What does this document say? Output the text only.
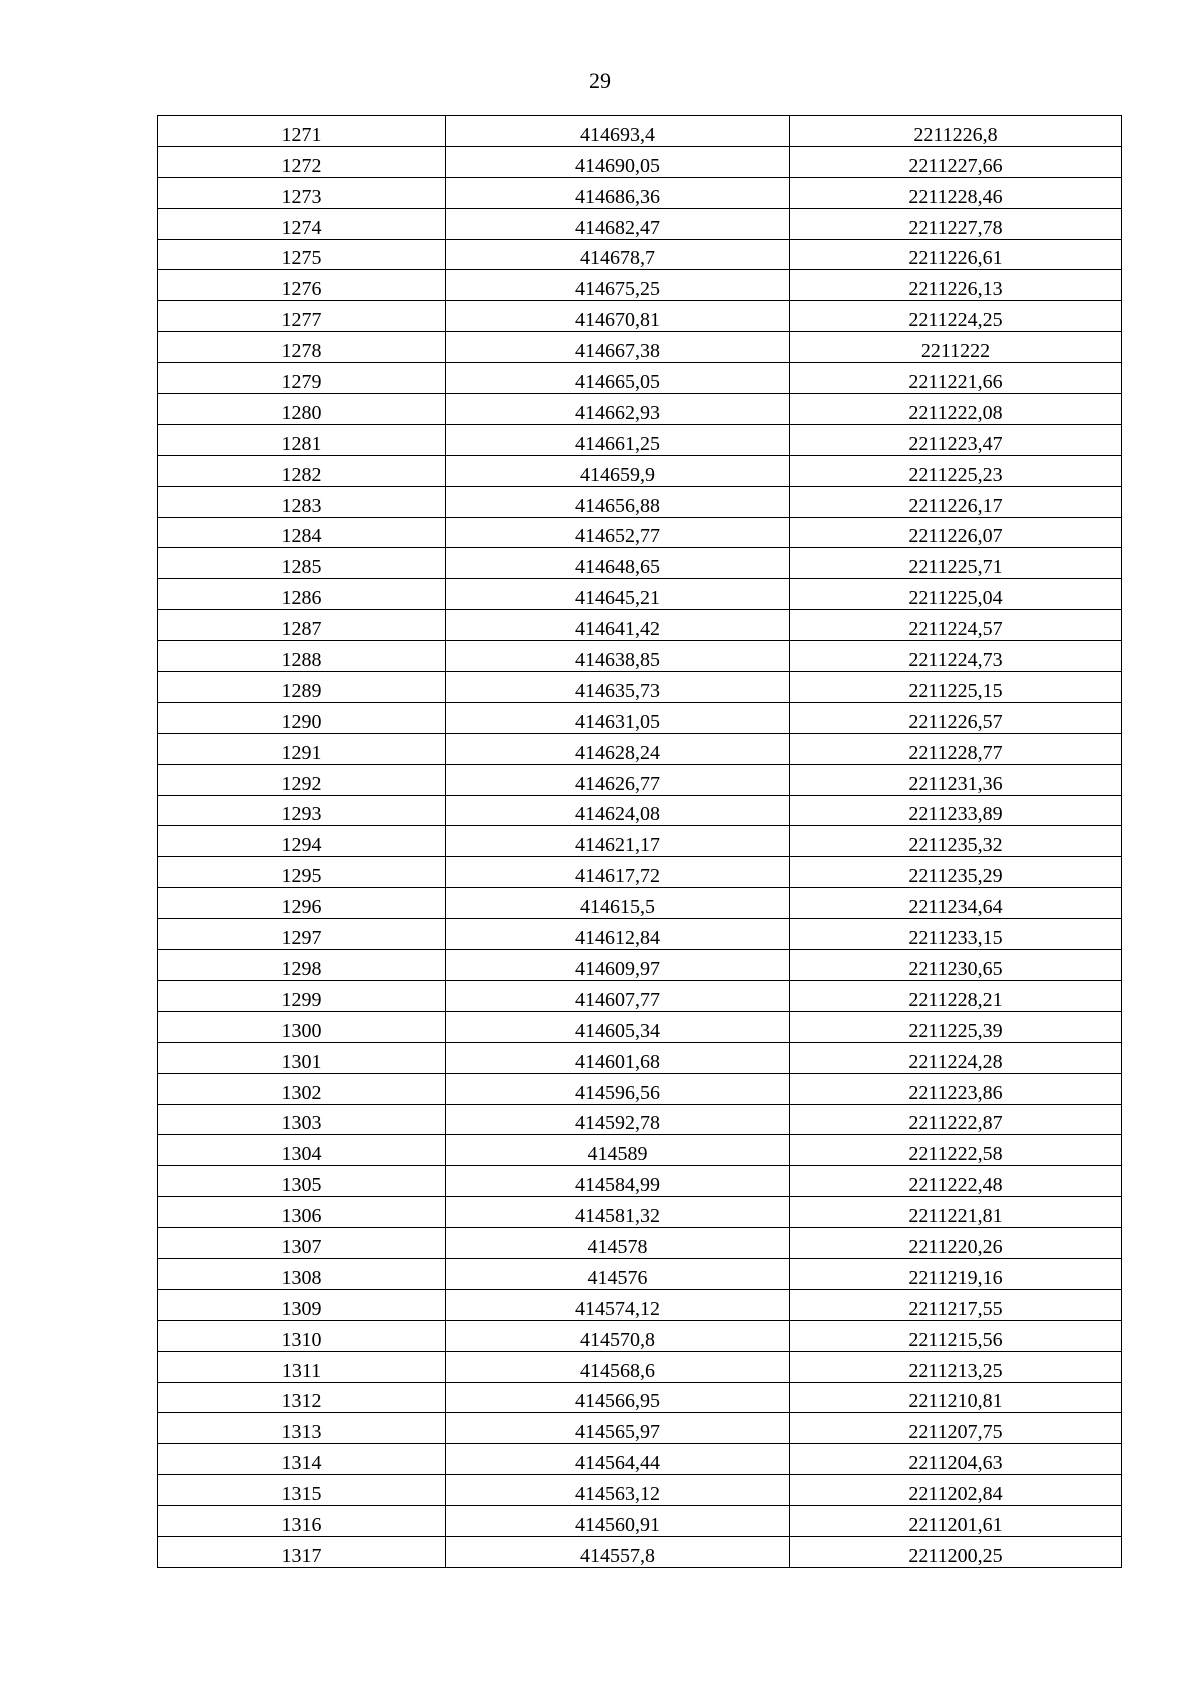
29
1271	414693,4	2211226,8
1272	414690,05	2211227,66
1273	414686,36	2211228,46
1274	414682,47	2211227,78
1275	414678,7	2211226,61
1276	414675,25	2211226,13
1277	414670,81	2211224,25
1278	414667,38	2211222
1279	414665,05	2211221,66
1280	414662,93	2211222,08
1281	414661,25	2211223,47
1282	414659,9	2211225,23
1283	414656,88	2211226,17
1284	414652,77	2211226,07
1285	414648,65	2211225,71
1286	414645,21	2211225,04
1287	414641,42	2211224,57
1288	414638,85	2211224,73
1289	414635,73	2211225,15
1290	414631,05	2211226,57
1291	414628,24	2211228,77
1292	414626,77	2211231,36
1293	414624,08	2211233,89
1294	414621,17	2211235,32
1295	414617,72	2211235,29
1296	414615,5	2211234,64
1297	414612,84	2211233,15
1298	414609,97	2211230,65
1299	414607,77	2211228,21
1300	414605,34	2211225,39
1301	414601,68	2211224,28
1302	414596,56	2211223,86
1303	414592,78	2211222,87
1304	414589	2211222,58
1305	414584,99	2211222,48
1306	414581,32	2211221,81
1307	414578	2211220,26
1308	414576	2211219,16
1309	414574,12	2211217,55
1310	414570,8	2211215,56
1311	414568,6	2211213,25
1312	414566,95	2211210,81
1313	414565,97	2211207,75
1314	414564,44	2211204,63
1315	414563,12	2211202,84
1316	414560,91	2211201,61
1317	414557,8	2211200,25
